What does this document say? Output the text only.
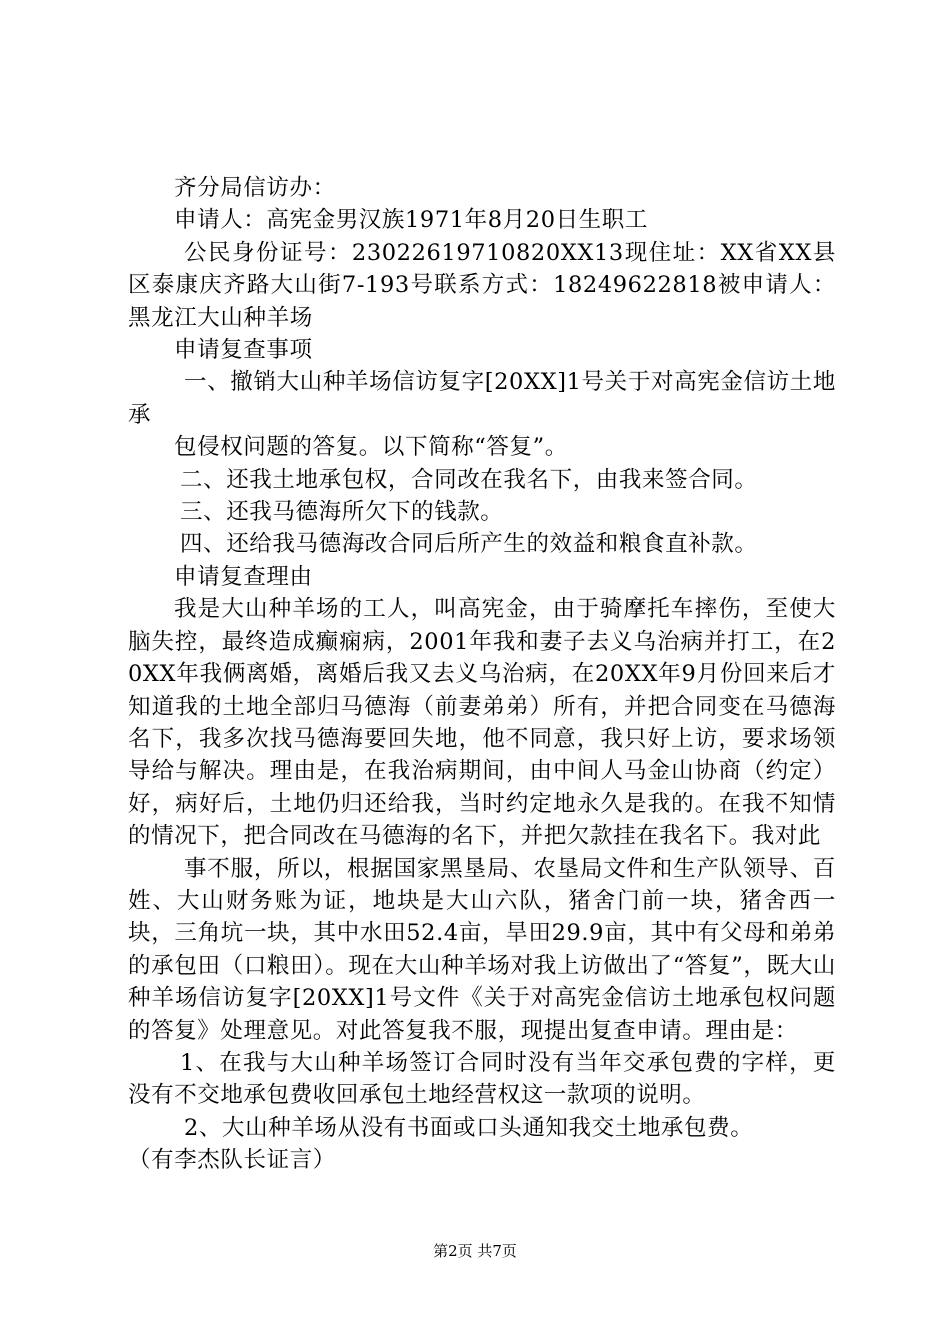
齐分局信访办：

申请人：高宪金男汉族1971年8月20日生职工

公民身份证号：23022619710820XX13现住址：XX省XX县区泰康庆齐路大山街7-193号联系方式：18249622818被申请人：黑龙江大山种羊场

申请复查事项

一、撤销大山种羊场信访复字[20XX]1号关于对高宪金信访土地承

包侵权问题的答复。以下简称“答复”。

二、还我土地承包权，合同改在我名下，由我来签合同。

三、还我马德海所欠下的钱款。

四、还给我马德海改合同后所产生的效益和粮食直补款。

申请复查理由

我是大山种羊场的工人，叫高宪金，由于骑摩托车摔伤，至使大脑失控，最终造成癫痫病，2001年我和妻子去义乌治病并打工，在20XX年我俩离婚，离婚后我又去义乌治病，在20XX年9月份回来后才知道我的土地全部归马德海（前妻弟弟）所有，并把合同变在马德海名下，我多次找马德海要回失地，他不同意，我只好上访，要求场领导给与解决。理由是，在我治病期间，由中间人马金山协商（约定）好，病好后，土地仍归还给我，当时约定地永久是我的。在我不知情的情况下，把合同改在马德海的名下，并把欠款挂在我名下。我对此

事不服，所以，根据国家黑垦局、农垦局文件和生产队领导、百姓、大山财务账为证，地块是大山六队，猪舍门前一块，猪舍西一块，三角坑一块，其中水田52.4亩，旱田29.9亩，其中有父母和弟弟的承包田（口粮田）。现在大山种羊场对我上访做出了“答复”，既大山种羊场信访复字[20XX]1号文件《关于对高宪金信访土地承包权问题的答复》处理意见。对此答复我不服，现提出复查申请。理由是：

1、在我与大山种羊场签订合同时没有当年交承包费的字样，更没有不交地承包费收回承包土地经营权这一款项的说明。

2、大山种羊场从没有书面或口头通知我交土地承包费。

（有李杰队长证言）

第2页 共7页
